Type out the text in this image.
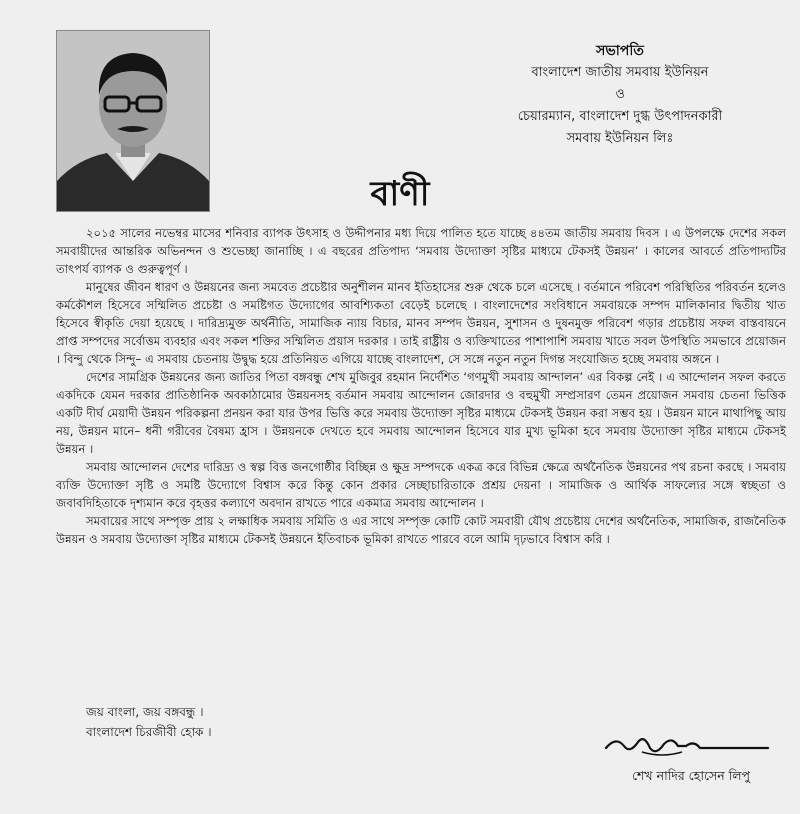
সভাপতি
বাংলাদেশ জাতীয় সমবায় ইউনিয়ন
ও
চেয়ারম্যান, বাংলাদেশ দুগ্ধ উৎপাদনকারী
সমবায় ইউনিয়ন লিঃ
বাণী

২০১৫ সালের নভেম্বর মাসের শনিবার ব্যাপক উৎসাহ ও উদ্দীপনার মধ্য দিয়ে পালিত হতে যাচ্ছে ৪৪তম জাতীয় সমবায় দিবস । এ উপলক্ষে দেশের সকল সমবায়ীদের আন্তরিক অভিনন্দন ও শুভেচ্ছা জানাচ্ছি । এ বছরের প্রতিপাদ্য ‘সমবায় উদ্যোক্তা সৃষ্টির মাধ্যমে টেকসই উন্নয়ন’ । কালের আবর্তে প্রতিপাদ্যটির তাৎপর্য ব্যাপক ও গুরুত্বপূর্ণ ।

মানুষের জীবন ধারণ ও উন্নয়নের জন্য সমবেত প্রচেষ্টার অনুশীলন মানব ইতিহাসের শুরু থেকে চলে এসেছে । বর্তমানে পরিবেশ পরিস্থিতির পরিবর্তন হলেও কর্মকৌশল হিসেবে সম্মিলিত প্রচেষ্টা ও সমষ্টিগত উদ্যোগের আবশ্যিকতা বেড়েই চলেছে । বাংলাদেশের সংবিধানে সমবায়কে সম্পদ মালিকানার দ্বিতীয় খাত হিসেবে স্বীকৃতি দেয়া হয়েছে । দারিদ্র্যমুক্ত অর্থনীতি, সামাজিক ন্যায় বিচার, মানব সম্পদ উন্নয়ন, সুশাসন ও দুষনমুক্ত পরিবেশ গড়ার প্রচেষ্টায় সফল বাস্তবায়নে প্রাপ্ত সম্পদের সর্বোত্তম ব্যবহার এবং সকল শক্তির সম্মিলিত প্রয়াস দরকার । তাই রাষ্ট্রীয় ও ব্যক্তিখাতের পাশাপাশি সমবায় খাতে সবল উপস্থিতি সমভাবে প্রয়োজন । বিন্দু থেকে সিন্দু– এ সমবায় চেতনায় উদ্বুদ্ধ হয়ে প্রতিনিয়ত এগিয়ে যাচ্ছে বাংলাদেশ, সে সঙ্গে নতুন নতুন দিগন্ত সংযোজিত হচ্ছে সমবায় অঙ্গনে ।

দেশের সামগ্রিক উন্নয়নের জন্য জাতির পিতা বঙ্গবন্ধু শেখ মুজিবুর রহমান নির্দেশিত ‘গণমুখী সমবায় আন্দালন’ এর বিকল্প নেই । এ আন্দোলন সফল করতে একদিকে যেমন দরকার প্রাতিষ্ঠানিক অবকাঠামোর উন্নয়নসহ বর্তমান সমবায় আন্দোলন জোরদার ও বহুমুখী সম্প্রসারণ তেমন প্রয়োজন সমবায় চেতনা ভিত্তিক একটি দীর্ঘ মেয়াদী উন্নয়ন পরিকল্পনা প্রনয়ন করা যার উপর ভিত্তি করে সমবায় উদ্যোক্তা সৃষ্টির মাধ্যমে টেকসই উন্নয়ন করা সম্ভব হয় । উন্নয়ন মানে মাথাপিছু আয় নয়, উন্নয়ন মানে– ধনী গরীবের বৈষম্য হ্রাস । উন্নয়নকে দেখতে হবে সমবায় আন্দোলন হিসেবে যার মুখ্য ভূমিকা হবে সমবায় উদ্যোক্তা সৃষ্টির মাধ্যমে টেকসই উন্নয়ন ।

সমবায় আন্দোলন দেশের দারিদ্র্য ও স্বল্প বিত্ত জনগোষ্ঠীর বিচ্ছিন্ন ও ক্ষুদ্র সম্পদকে একত্র করে বিভিন্ন ক্ষেত্রে অর্থনৈতিক উন্নয়নের পথ রচনা করছে । সমবায় ব্যক্তি উদ্যোক্তা সৃষ্টি ও সমষ্টি উদ্যোগে বিশ্বাস করে কিন্তু কোন প্রকার সেচ্ছাচারিতাকে প্রশ্রয় দেয়না । সামাজিক ও আর্থিক সাফল্যের সঙ্গে স্বচ্ছতা ও জবাবদিহিতাকে দৃশ্যমান করে বৃহত্তর কল্যাণে অবদান রাখতে পারে একমাত্র সমবায় আন্দোলন ।

সমবায়ের সাথে সম্পৃক্ত প্রায় ২ লক্ষাধিক সমবায় সমিতি ও এর সাথে সম্পৃক্ত কোটি কোট সমবায়ী যৌথ প্রচেষ্টায় দেশের অর্থনৈতিক, সামাজিক, রাজনৈতিক উন্নয়ন ও সমবায় উদ্যোক্তা সৃষ্টির মাধ্যমে টেকসই উন্নয়নে ইতিবাচক ভূমিকা রাখতে পারবে বলে আমি দৃঢ়ভাবে বিশ্বাস করি ।

জয় বাংলা, জয় বঙ্গবন্ধু ।
বাংলাদেশ চিরজীবী হোক ।
শেখ নাদির হোসেন লিপু
